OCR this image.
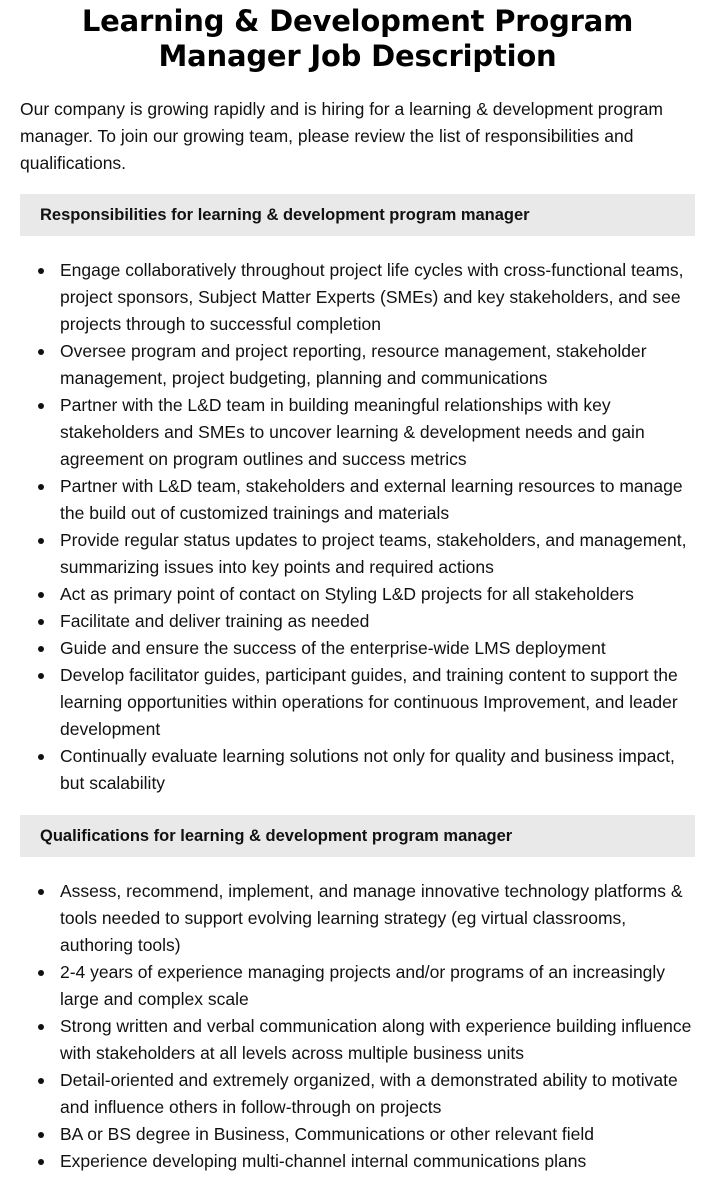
Learning & Development Program Manager Job Description

Our company is growing rapidly and is hiring for a learning & development program manager. To join our growing team, please review the list of responsibilities and qualifications.

Responsibilities for learning & development program manager
Engage collaboratively throughout project life cycles with cross-functional teams, project sponsors, Subject Matter Experts (SMEs) and key stakeholders, and see projects through to successful completion
Oversee program and project reporting, resource management, stakeholder management, project budgeting, planning and communications
Partner with the L&D team in building meaningful relationships with key stakeholders and SMEs to uncover learning & development needs and gain agreement on program outlines and success metrics
Partner with L&D team, stakeholders and external learning resources to manage the build out of customized trainings and materials
Provide regular status updates to project teams, stakeholders, and management, summarizing issues into key points and required actions
Act as primary point of contact on Styling L&D projects for all stakeholders
Facilitate and deliver training as needed
Guide and ensure the success of the enterprise-wide LMS deployment
Develop facilitator guides, participant guides, and training content to support the learning opportunities within operations for continuous Improvement, and leader development
Continually evaluate learning solutions not only for quality and business impact, but scalability
Qualifications for learning & development program manager
Assess, recommend, implement, and manage innovative technology platforms & tools needed to support evolving learning strategy (eg virtual classrooms, authoring tools)
2-4 years of experience managing projects and/or programs of an increasingly large and complex scale
Strong written and verbal communication along with experience building influence with stakeholders at all levels across multiple business units
Detail-oriented and extremely organized, with a demonstrated ability to motivate and influence others in follow-through on projects
BA or BS degree in Business, Communications or other relevant field
Experience developing multi-channel internal communications plans
